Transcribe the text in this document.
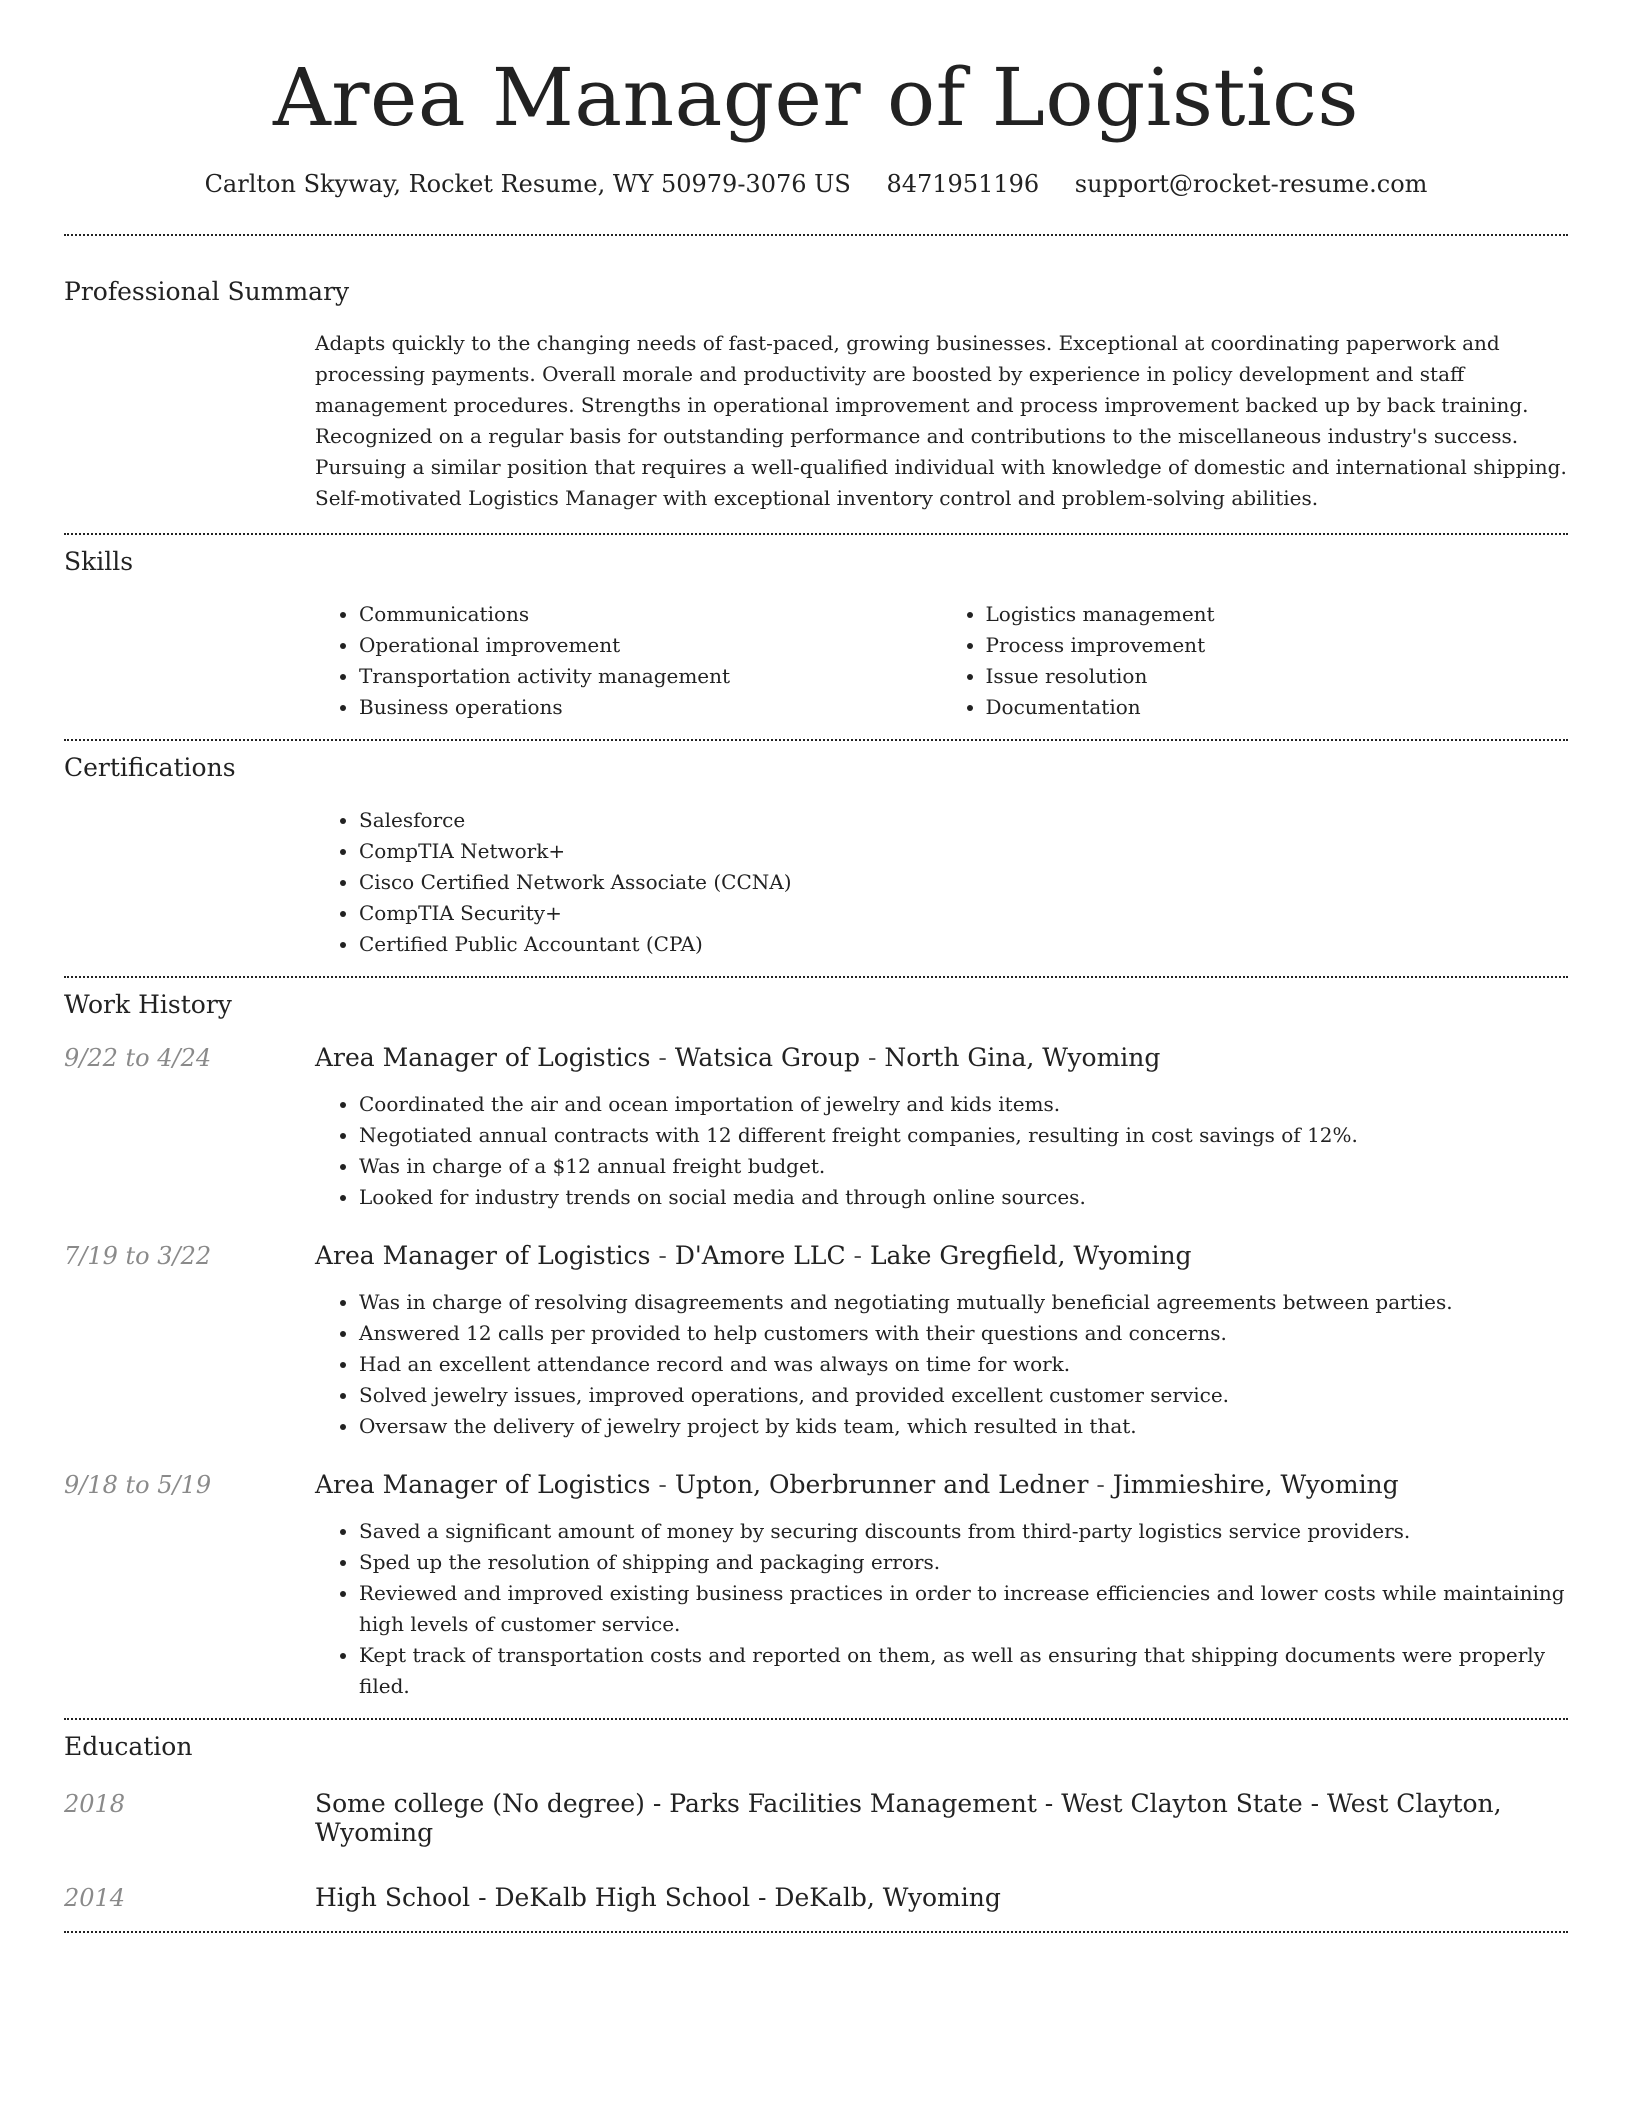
Area Manager of Logistics
Carlton Skyway, Rocket Resume, WY 50979-3076 US 8471951196 support@rocket-resume.com
Professional Summary
Adapts quickly to the changing needs of fast-paced, growing businesses. Exceptional at coordinating paperwork and processing payments. Overall morale and productivity are boosted by experience in policy development and staff management procedures. Strengths in operational improvement and process improvement backed up by back training. Recognized on a regular basis for outstanding performance and contributions to the miscellaneous industry's success. Pursuing a similar position that requires a well-qualified individual with knowledge of domestic and international shipping. Self-motivated Logistics Manager with exceptional inventory control and problem-solving abilities.
Skills
• Communications
• Operational improvement
• Transportation activity management
• Business operations
• Logistics management
• Process improvement
• Issue resolution
• Documentation
Certifications
• Salesforce
• CompTIA Network+
• Cisco Certified Network Associate (CCNA)
• CompTIA Security+
• Certified Public Accountant (CPA)
Work History
9/22 to 4/24	Area Manager of Logistics - Watsica Group - North Gina, Wyoming
• Coordinated the air and ocean importation of jewelry and kids items.
• Negotiated annual contracts with 12 different freight companies, resulting in cost savings of 12%.
• Was in charge of a $12 annual freight budget.
• Looked for industry trends on social media and through online sources.
7/19 to 3/22	Area Manager of Logistics - D'Amore LLC - Lake Gregfield, Wyoming
• Was in charge of resolving disagreements and negotiating mutually beneficial agreements between parties.
• Answered 12 calls per provided to help customers with their questions and concerns.
• Had an excellent attendance record and was always on time for work.
• Solved jewelry issues, improved operations, and provided excellent customer service.
• Oversaw the delivery of jewelry project by kids team, which resulted in that.
9/18 to 5/19	Area Manager of Logistics - Upton, Oberbrunner and Ledner - Jimmieshire, Wyoming
• Saved a significant amount of money by securing discounts from third-party logistics service providers.
• Sped up the resolution of shipping and packaging errors.
• Reviewed and improved existing business practices in order to increase efficiencies and lower costs while maintaining high levels of customer service.
• Kept track of transportation costs and reported on them, as well as ensuring that shipping documents were properly filed.
Education
2018	Some college (No degree) - Parks Facilities Management - West Clayton State - West Clayton, Wyoming
2014	High School - DeKalb High School - DeKalb, Wyoming
